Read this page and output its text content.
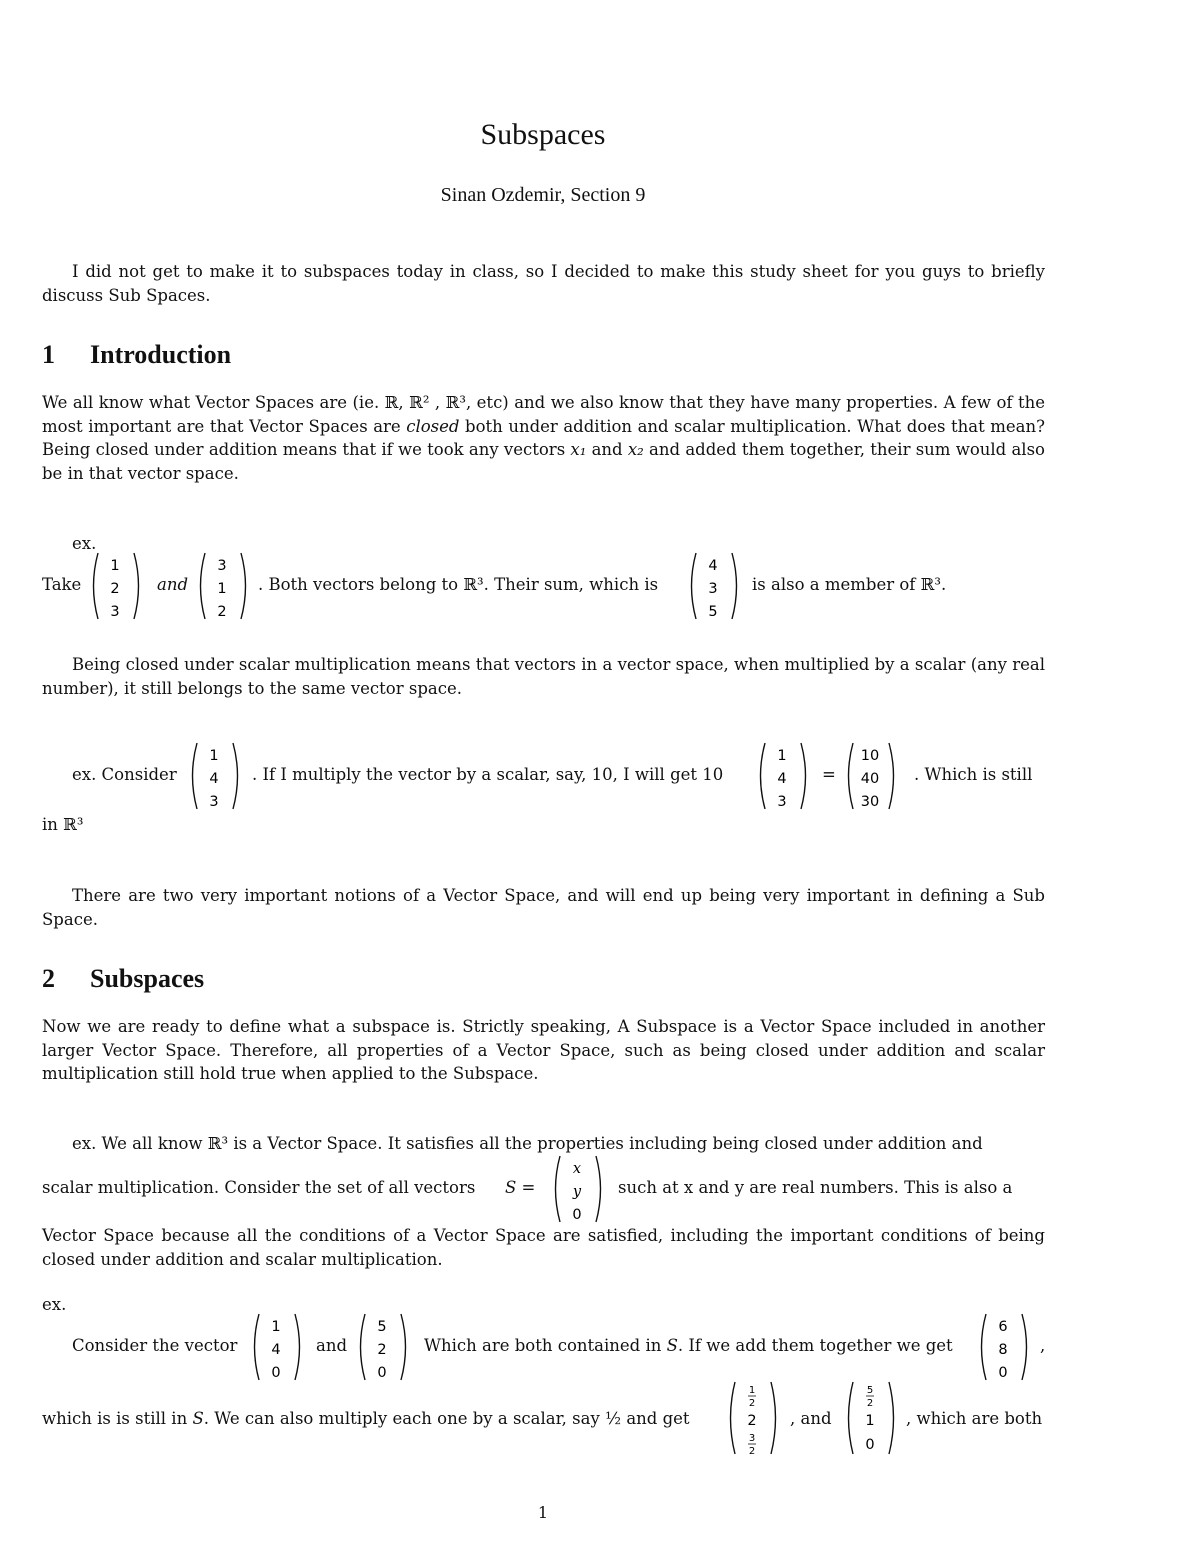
Subspaces
Sinan Ozdemir, Section 9
I did not get to make it to subspaces today in class, so I decided to make this study sheet for you guys to briefly discuss Sub Spaces.
1 Introduction
We all know what Vector Spaces are (ie. ℝ, ℝ² , ℝ³, etc) and we also know that they have many properties. A few of the most important are that Vector Spaces are closed both under addition and scalar multiplication. What does that mean? Being closed under addition means that if we took any vectors x₁ and x₂ and added them together, their sum would also be in that vector space.
ex.
Take
1
2
3
and
3
1
2
. Both vectors belong to ℝ³. Their sum, which is
4
3
5
is also a member of ℝ³.
Being closed under scalar multiplication means that vectors in a vector space, when multiplied by a scalar (any real number), it still belongs to the same vector space.
ex. Consider
1
4
3
. If I multiply the vector by a scalar, say, 10, I will get 10
1
4
3
=
10
40
30
. Which is still
in ℝ³
There are two very important notions of a Vector Space, and will end up being very important in defining a Sub Space.
2 Subspaces
Now we are ready to define what a subspace is. Strictly speaking, A Subspace is a Vector Space included in another larger Vector Space. Therefore, all properties of a Vector Space, such as being closed under addition and scalar multiplication still hold true when applied to the Subspace.
ex. We all know ℝ³ is a Vector Space. It satisfies all the properties including being closed under addition and
scalar multiplication. Consider the set of all vectors S =
x
y
0
such at x and y are real numbers. This is also a
Vector Space because all the conditions of a Vector Space are satisfied, including the important conditions of being closed under addition and scalar multiplication.
ex.
Consider the vector
1
4
0
and
5
2
0
Which are both contained in S. If we add them together we get
6
8
0
,
which is is still in S. We can also multiply each one by a scalar, say ½ and get
1
2
2
3
2
, and
5
2
1
0
, which are both
1
